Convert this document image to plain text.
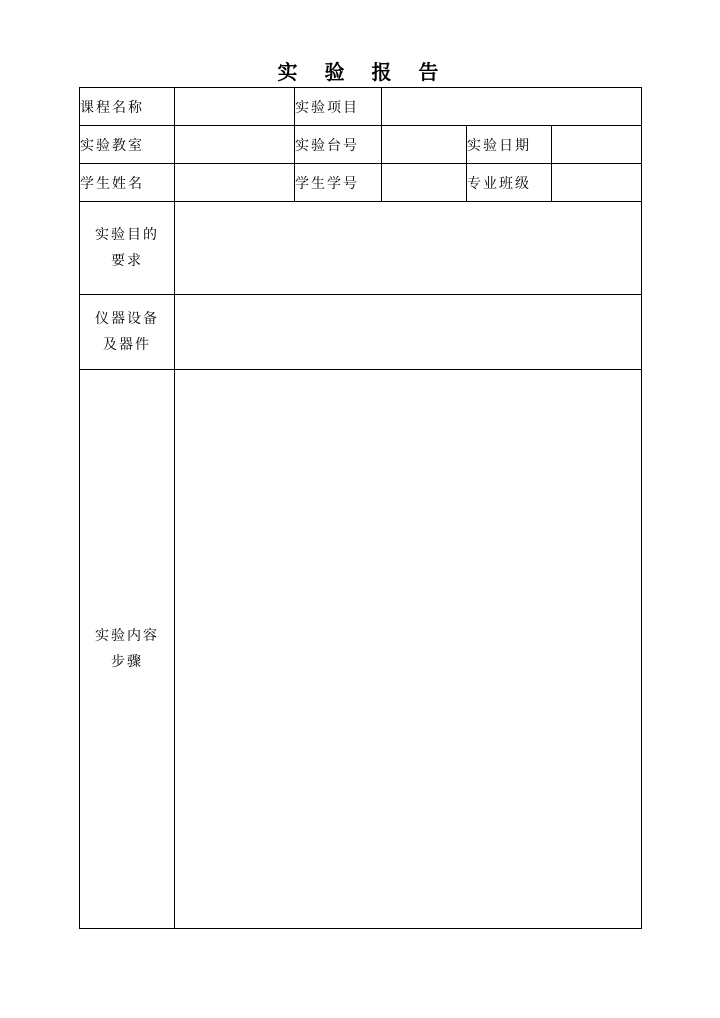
实 验 报 告
课程名称		实验项目			
实验教室		实验台号		实验日期	
学生姓名		学生学号		专业班级	

实验目的
要求					

仪器设备
及器件					

实验内容
步骤					
